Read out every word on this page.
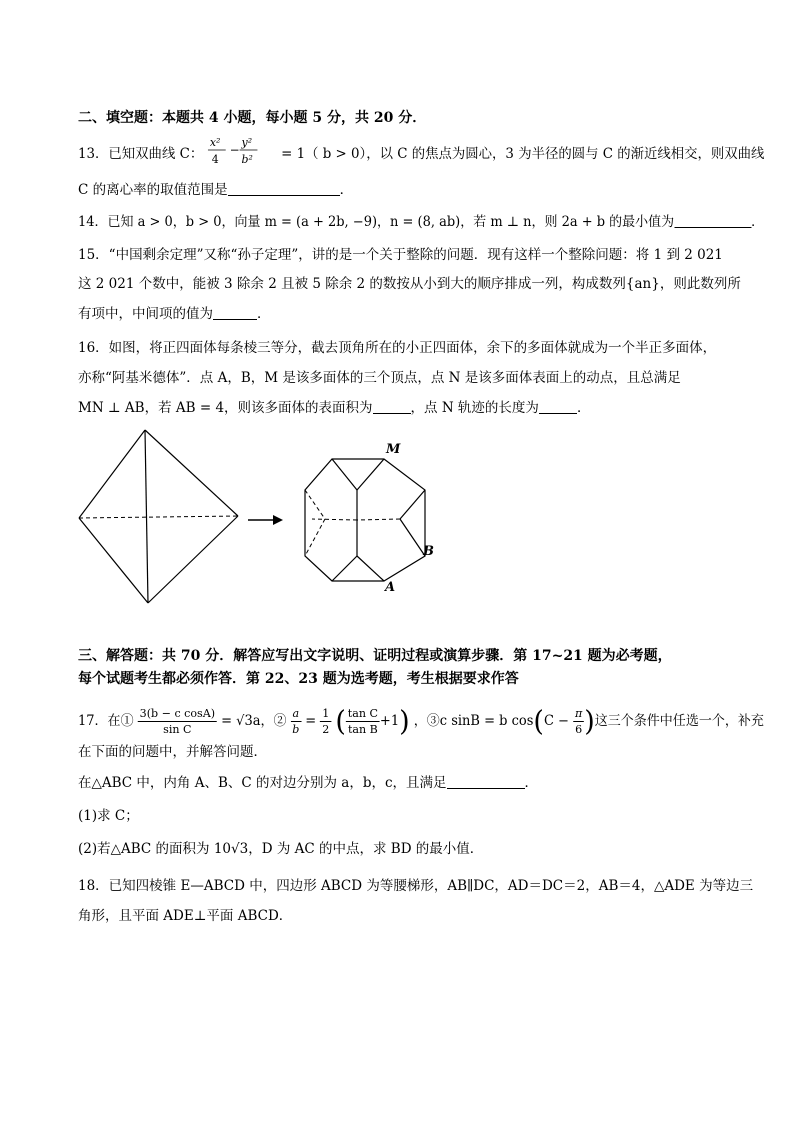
二、填空题：本题共 4 小题，每小题 5 分，共 20 分．
13．已知双曲线 C：
x²
4
−
y²
b² = 1（ b > 0），以 C 的焦点为圆心，3 为半径的圆与 C 的渐近线相交，则双曲线
C 的离心率的取值范围是	．
14．已知 a > 0，b > 0，向量 m = (a + 2b, −9)，n = (8, ab)，若 m ⊥ n，则 2a + b 的最小值为	．
15．“中国剩余定理”又称“孙子定理”，讲的是一个关于整除的问题．现有这样一个整除问题：将 1 到 2 021
这 2 021 个数中，能被 3 除余 2 且被 5 除余 2 的数按从小到大的顺序排成一列，构成数列{an}，则此数列所
有项中，中间项的值为	．
16．如图，将正四面体每条棱三等分，截去顶角所在的小正四面体，余下的多面体就成为一个半正多面体，
亦称“阿基米德体”．点 A，B，M 是该多面体的三个顶点，点 N 是该多面体表面上的动点，且总满足
MN ⊥ AB，若 AB = 4，则该多面体的表面积为	，点 N 轨迹的长度为	．
M
B
A
三、解答题：共 70 分．解答应写出文字说明、证明过程或演算步骤．第 17~21 题为必考题，
每个试题考生都必须作答．第 22、23 题为选考题，考生根据要求作答
17．在① $\frac{\text{3(b − c cosA)}}{\text{sin C}} = √3a$，② $\frac{a}{b} = \frac{1}{2}$ ( $\frac{\text{tan C}}{\text{tan B}} +1$) ，③c sinB = b $\cos(C - \frac{\pi}{6}$ )这三个条件中任选一个，补充
在下面的问题中，并解答问题．
在△ABC 中，内角 A、B、C 的对边分别为 a，b，c，且满足	．
(1)求 C；
(2)若△ABC 的面积为 10√3，D 为 AC 的中点，求 BD 的最小值．
18．已知四棱锥 E—ABCD 中，四边形 ABCD 为等腰梯形，AB∥DC，AD＝DC＝2，AB＝4，△ADE 为等边三
角形，且平面 ADE⊥平面 ABCD．
